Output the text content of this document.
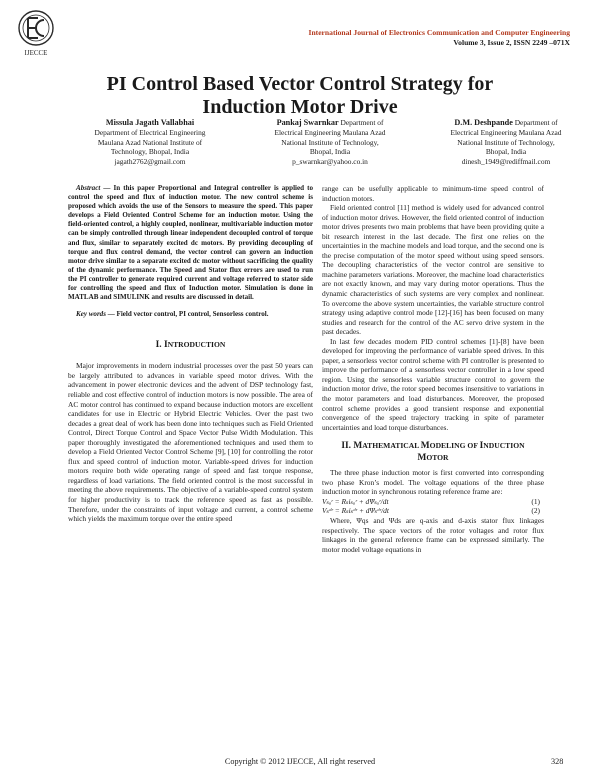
IJECCE
International Journal of Electronics Communication and Computer Engineering
Volume 3, Issue 2, ISSN 2249 –071X
PI Control Based Vector Control Strategy for
Induction Motor Drive
Missula Jagath Vallabhai
Department of Electrical Engineering
Maulana Azad National Institute of
Technology, Bhopal, India
jagath2762@gmail.com
Pankaj Swarnkar Department of
Electrical Engineering Maulana Azad
National Institute of Technology,
Bhopal, India
p_swarnkar@yahoo.co.in
D.M. Deshpande Department of
Electrical Engineering Maulana Azad
National Institute of Technology,
Bhopal, India
dinesh_1949@rediffmail.com

Abstract — In this paper Proportional and Integral controller is applied to control the speed and flux of induction motor. The new control scheme is proposed which avoids the use of the Sensors to measure the speed. This paper develops a Field Oriented Control Scheme for an induction motor. Using the field-oriented control, a highly coupled, nonlinear, multivariable induction motor can be simply controlled through linear independent decoupled control of torque and flux, similar to separately excited dc motors. By providing decoupling of torque and flux control demand, the vector control can govern an induction motor drive similar to a separate excited dc motor without sacrificing the quality of the dynamic performance. The Speed and Stator flux errors are used to run the PI controller to generate required current and voltage referred to stator side for controlling the speed and flux of Induction motor. Simulation is done in MATLAB and SIMULINK and results are discussed in detail.

Key words — Field vector control, PI control, Sensorless control.

I. INTRODUCTION

Major improvements in modern industrial processes over the past 50 years can be largely attributed to advances in variable speed motor drives. With the advancement in power electronic devices and the advent of DSP technology fast, reliable and cost effective control of induction motors is now possible. The area of AC motor control has continued to expand because induction motors are excellent candidates for use in Electric or Hybrid Electric Vehicles. Over the past two decades a great deal of work has been done into techniques such as Field Oriented Control, Direct Torque Control and Space Vector Pulse Width Modulation. This paper thoroughly investigated the aforementioned techniques and used them to develop a Field Oriented Vector Control Scheme [9], [10] for controlling the rotor flux and speed control of induction motor. Variable-speed drives for induction motors require both wide operating range of speed and fast torque response, regardless of load variations. The field oriented control is the most successful in meeting the above requirements. The objective of a variable-speed control system for higher productivity is to track the reference speed as fast as possible. Therefore, under the constraints of input voltage and current, a control scheme which yields the maximum torque over the entire speed

range can be usefully applicable to minimum-time speed control of induction motors.

Field oriented control [11] method is widely used for advanced control of induction motor drives. However, the field oriented control of induction motor drives presents two main problems that have been providing quite a bit research interest in the last decade. The first one relies on the uncertainties in the machine models and load torque, and the second one is the precise computation of the motor speed without using speed sensors. The decoupling characteristics of the vector control are sensitive to machine parameters variations. Moreover, the machine load characteristics are not exactly known, and may vary during motor operations. Thus the dynamic characteristics of such systems are very complex and nonlinear. To overcome the above system uncertainties, the variable structure control strategy using adaptive control mode [12]-[16] has been focused on many studies and research for the control of the AC servo drive system in the past decades.

In last few decades modern PID control schemes [1]-[8] have been developed for improving the performance of variable speed drives. In this paper, a sensorless vector control scheme with PI controller is presented to improve the performance of a sensorless vector controller in a low speed region. Using the sensorless variable structure control to govern the induction motor drive, the rotor speed becomes insensitive to variations in the motor parameters and load disturbances. Moreover, the proposed control scheme provides a good transient response and exponential convergence of the speed trajectory tracking in spite of parameter uncertainties and load torque disturbances.

II. MATHEMATICAL MODELING OF INDUCTION
MOTOR

The three phase induction motor is first converted into corresponding two phase Kron’s model. The voltage equations of the three phase induction motor in synchronous rotating reference frame are:

Vₛₐʳ = Rₛiₛₐʳ + dΨₛₐʳ/dt	(1)
Vₛᵈʳ = Rₛiₛᵈʳ + dΨₛᵈʳ/dt	(2)

Where, Ψqs and Ψds are q-axis and d-axis stator flux linkages respectively. The space vectors of the rotor voltages and rotor flux linkages in the general reference frame can be expressed similarly. The motor model voltage equations in

Copyright © 2012 IJECCE, All right reserved	328
